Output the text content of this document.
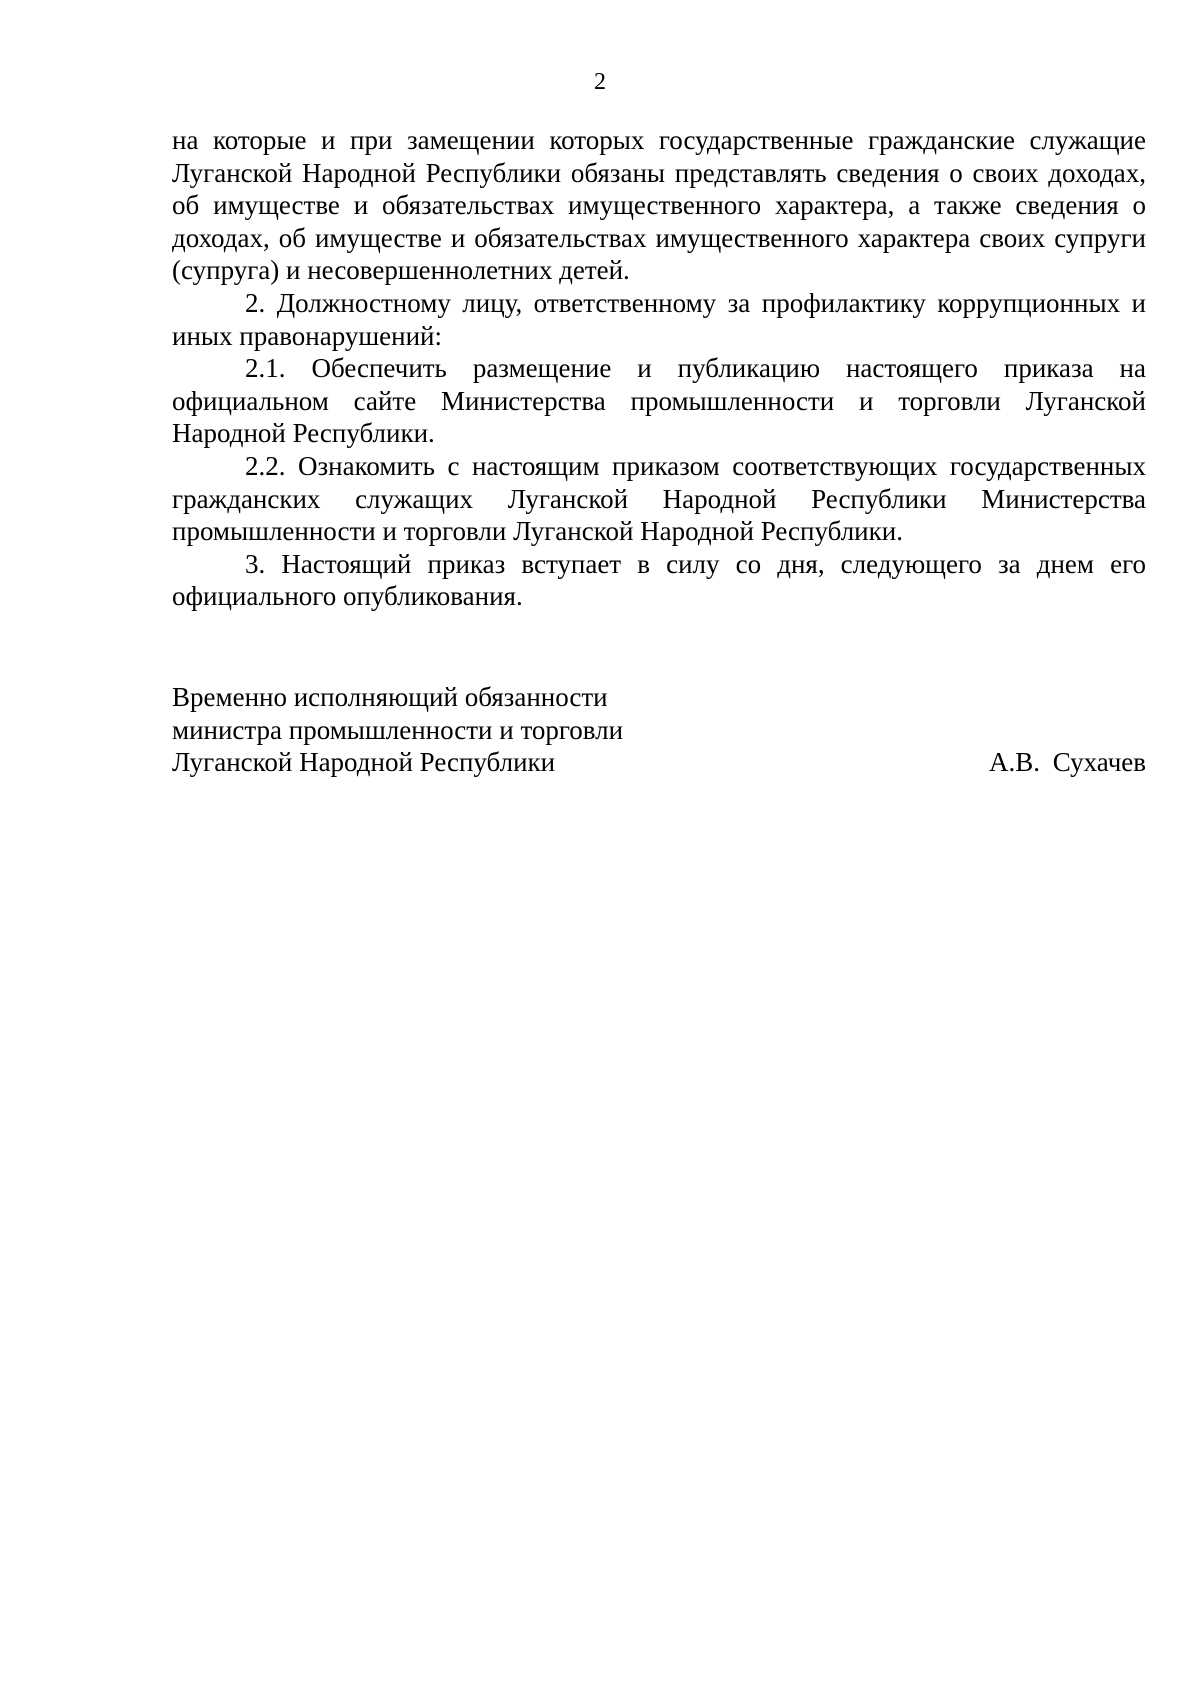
2

на которые и при замещении которых государственные гражданские служащие Луганской Народной Республики обязаны представлять сведения о своих доходах, об имуществе и обязательствах имущественного характера, а также сведения о доходах, об имуществе и обязательствах имущественного характера своих супруги (супруга) и несовершеннолетних детей.

2. Должностному лицу, ответственному за профилактику коррупционных и иных правонарушений:

2.1. Обеспечить размещение и публикацию настоящего приказа на официальном сайте Министерства промышленности и торговли Луганской Народной Республики.

2.2. Ознакомить с настоящим приказом соответствующих государственных гражданских служащих Луганской Народной Республики Министерства промышленности и торговли Луганской Народной Республики.

3. Настоящий приказ вступает в силу со дня, следующего за днем его официального опубликования.

Временно исполняющий обязанности
министра промышленности и торговли
Луганской Народной Республики	А.В. Сухачев
